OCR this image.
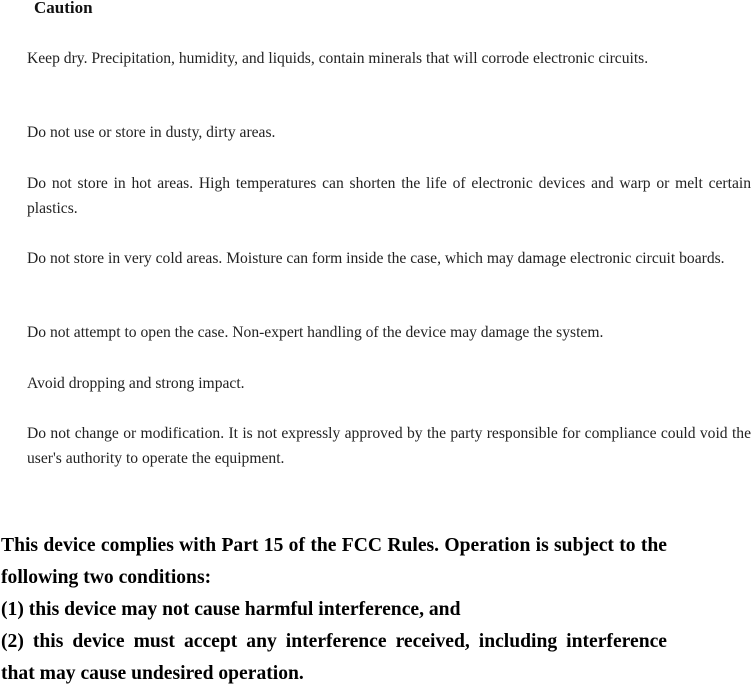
Caution

Keep dry. Precipitation, humidity, and liquids, contain minerals that will corrode electronic circuits.

Do not use or store in dusty, dirty areas.

Do not store in hot areas. High temperatures can shorten the life of electronic devices and warp or melt certain plastics.

Do not store in very cold areas. Moisture can form inside the case, which may damage electronic circuit boards.

Do not attempt to open the case. Non-expert handling of the device may damage the system.

Avoid dropping and strong impact.

Do not change or modification. It is not expressly approved by the party responsible for compliance could void the user's authority to operate the equipment.

This device complies with Part 15 of the FCC Rules. Operation is subject to the following two conditions:

(1) this device may not cause harmful interference, and

(2) this device must accept any interference received, including interference that may cause undesired operation.
